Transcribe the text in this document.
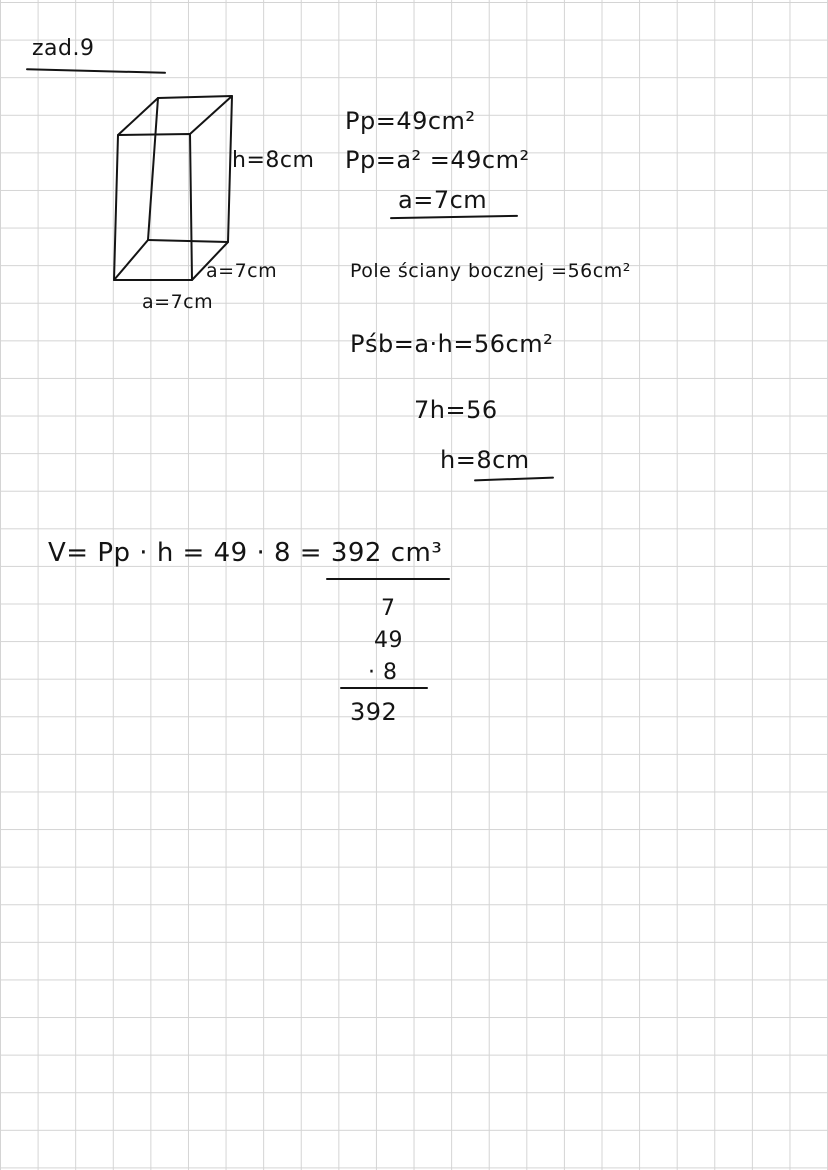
zad.9
h=8cm
a=7cm
a=7cm
Pp=49cm²
Pp=a² =49cm²
a=7cm
Pole ściany bocznej =56cm²
Pśb=a·h=56cm²
7h=56
h=8cm
V= Pp · h = 49 · 8 = 392 cm³
7
49
· 8
392
